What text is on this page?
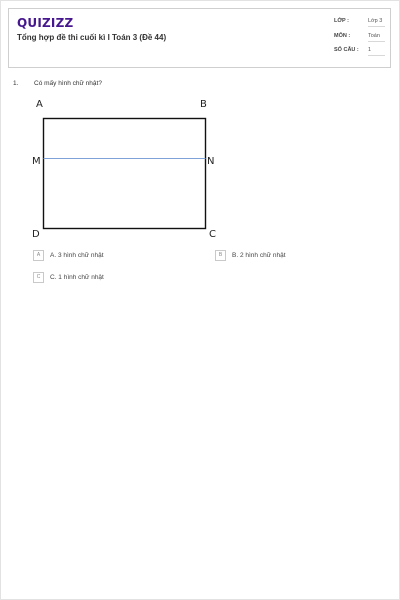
QUIZIZZ
Tổng hợp đề thi cuối kì I Toán 3 (Đề 44)
LỚP :	Lớp 3
MÔN :	Toán
SỐ CÂU : 1
1. Có mấy hình chữ nhật?
A	B
M	N
D	C
A	A. 3 hình chữ nhật	B	B. 2 hình chữ nhật
C	C. 1 hình chữ nhật
